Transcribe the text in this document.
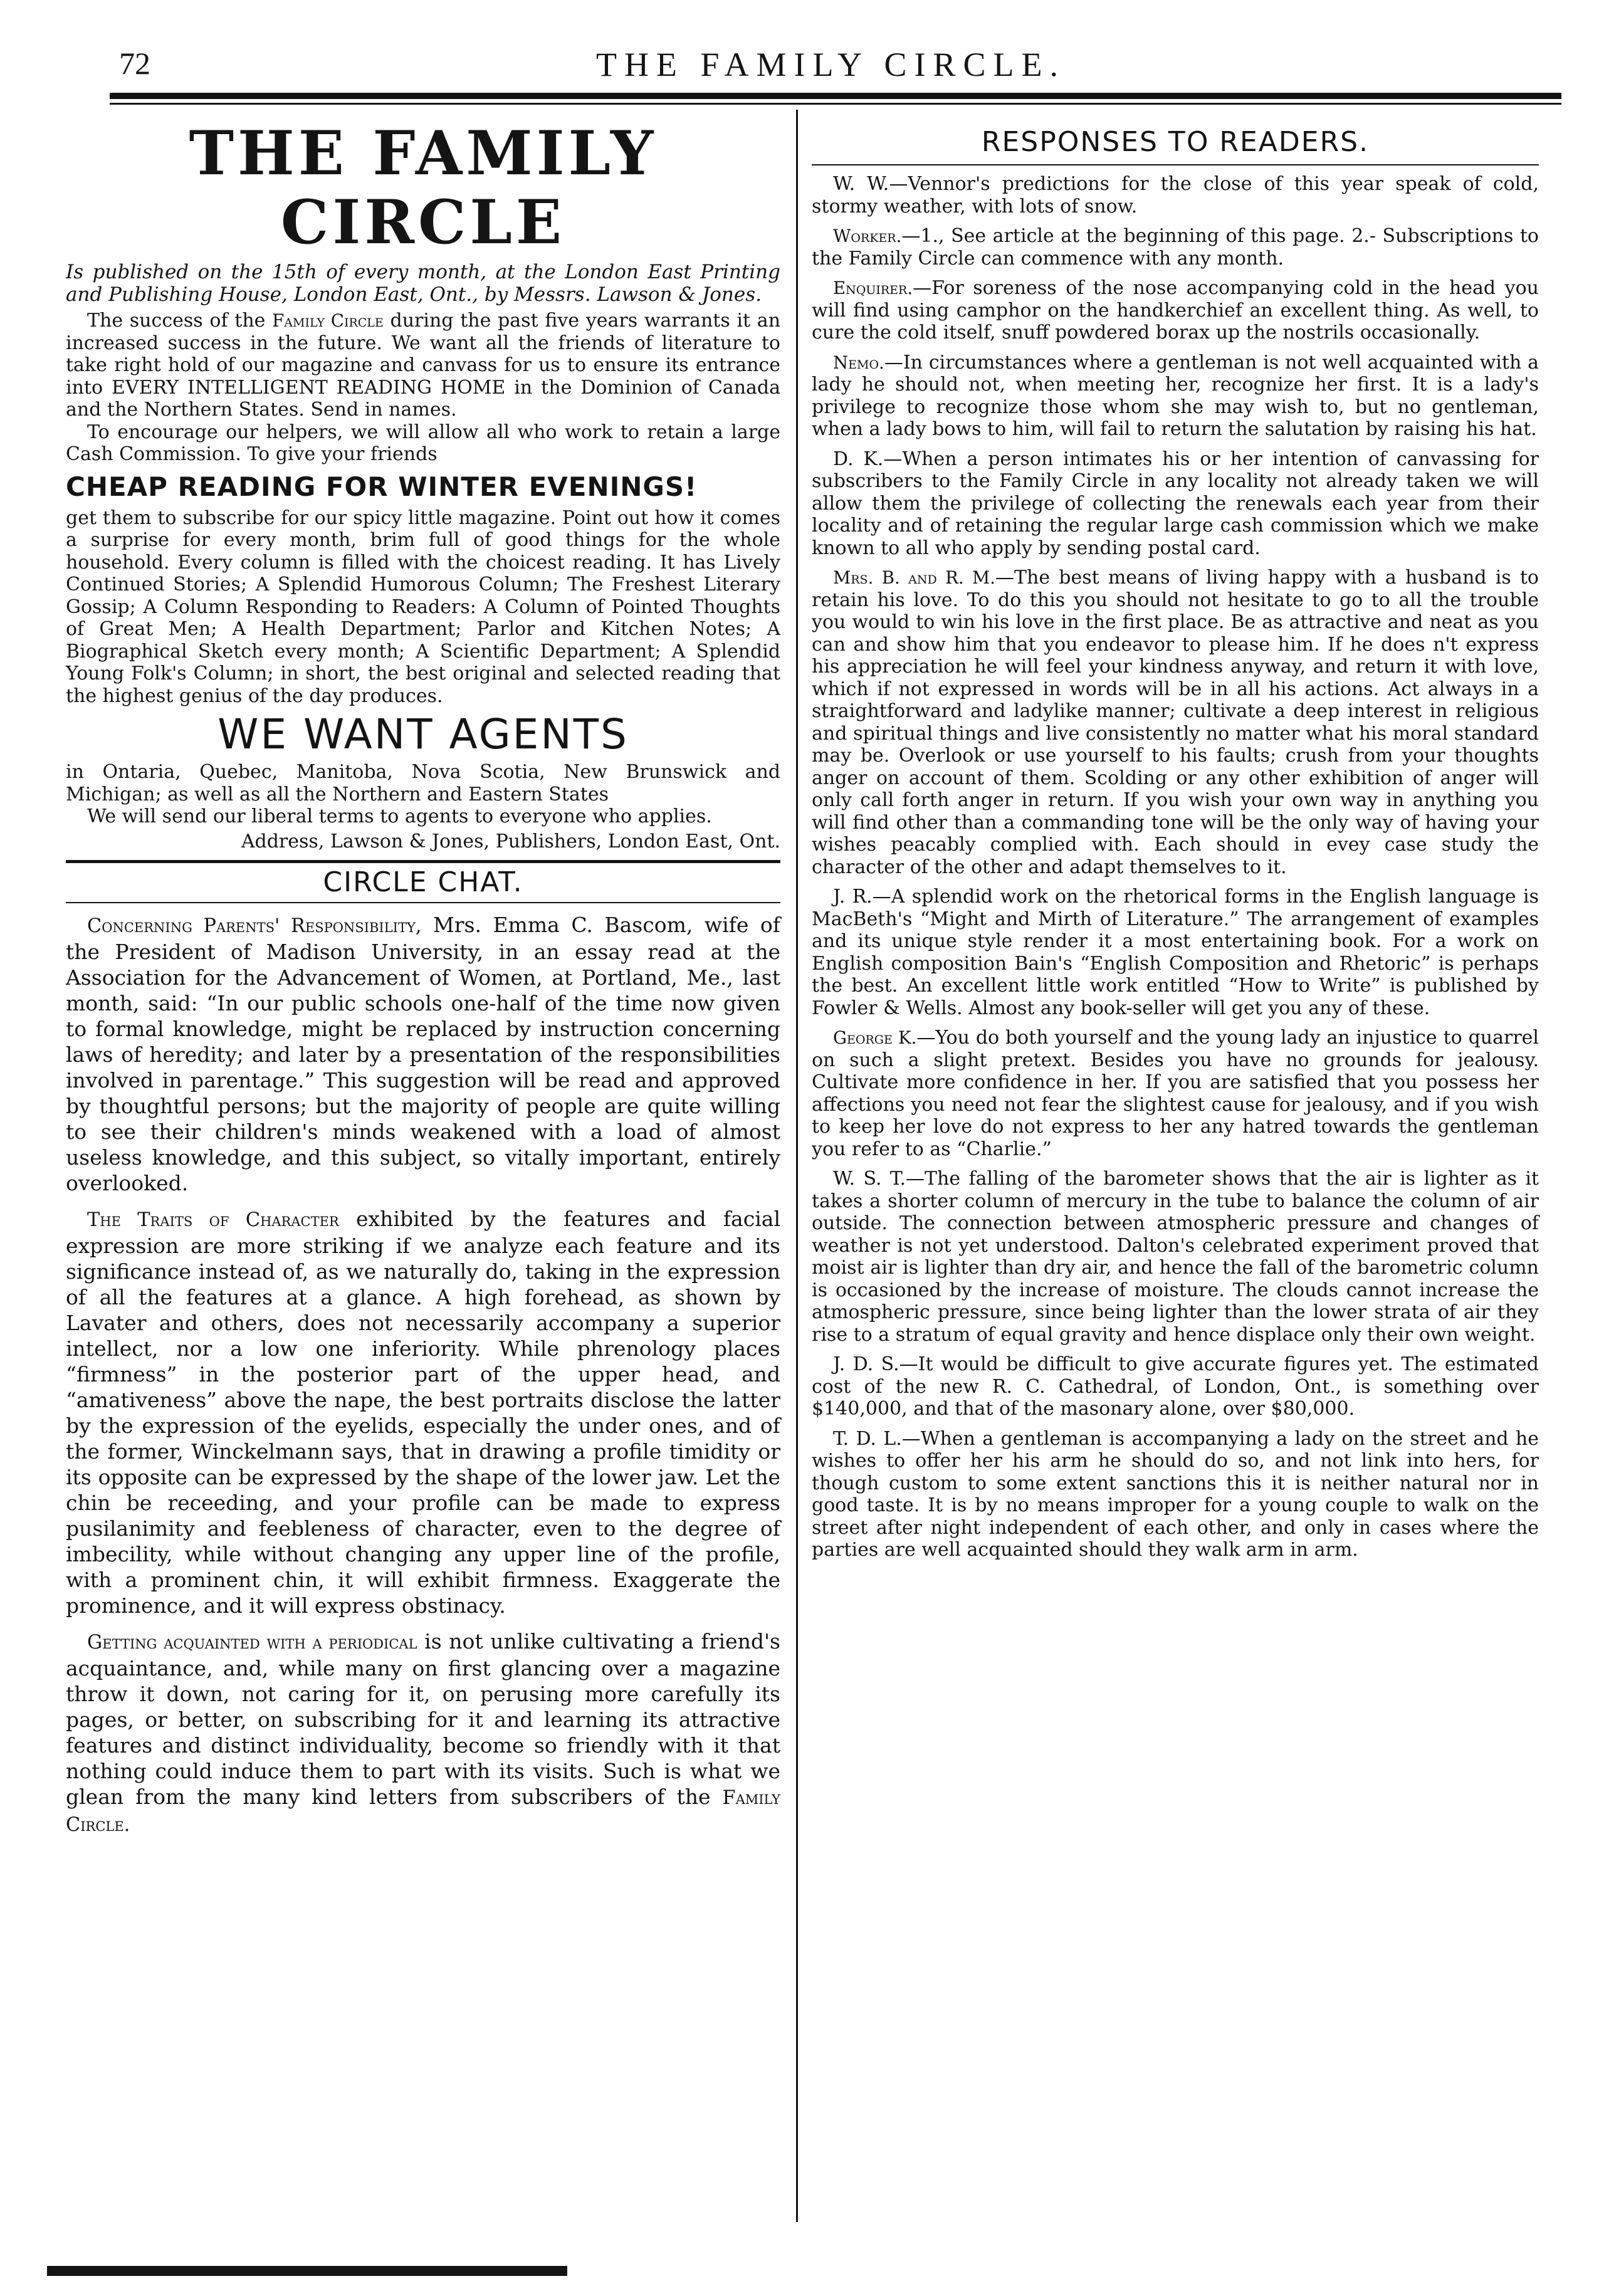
72	THE FAMILY CIRCLE.
THE FAMILY CIRCLE

Is published on the 15th of every month, at the London East Printing and Publishing House, London East, Ont., by Messrs. Lawson & Jones.

The success of the Family Circle during the past five years warrants it an increased success in the future. We want all the friends of literature to take right hold of our magazine and canvass for us to ensure its entrance into EVERY INTELLIGENT READING HOME in the Dominion of Canada and the Northern States. Send in names.

To encourage our helpers, we will allow all who work to retain a large Cash Commission. To give your friends

CHEAP READING FOR WINTER EVENINGS!

get them to subscribe for our spicy little magazine. Point out how it comes a surprise for every month, brim full of good things for the whole household. Every column is filled with the choicest reading. It has Lively Continued Stories; A Splendid Humorous Column; The Freshest Literary Gossip; A Column Responding to Readers: A Column of Pointed Thoughts of Great Men; A Health Department; Parlor and Kitchen Notes; A Biographical Sketch every month; A Scientific Department; A Splendid Young Folk's Column; in short, the best original and selected reading that the highest genius of the day produces.

WE WANT AGENTS

in Ontaria, Quebec, Manitoba, Nova Scotia, New Brunswick and Michigan; as well as all the Northern and Eastern States

We will send our liberal terms to agents to everyone who applies.

Address, Lawson & Jones, Publishers, London East, Ont.

CIRCLE CHAT.

Concerning Parents' Responsibility, Mrs. Emma C. Bascom, wife of the President of Madison University, in an essay read at the Association for the Advancement of Women, at Portland, Me., last month, said: “In our public schools one-half of the time now given to formal knowledge, might be replaced by instruction concerning laws of heredity; and later by a presentation of the responsibilities involved in parentage.” This suggestion will be read and approved by thoughtful persons; but the majority of people are quite willing to see their children's minds weakened with a load of almost useless knowledge, and this subject, so vitally important, entirely overlooked.

The Traits of Character exhibited by the features and facial expression are more striking if we analyze each feature and its significance instead of, as we naturally do, taking in the expression of all the features at a glance. A high forehead, as shown by Lavater and others, does not necessarily accompany a superior intellect, nor a low one inferiority. While phrenology places “firmness” in the posterior part of the upper head, and “amativeness” above the nape, the best portraits disclose the latter by the expression of the eyelids, especially the under ones, and of the former, Winckelmann says, that in drawing a profile timidity or its opposite can be expressed by the shape of the lower jaw. Let the chin be receeding, and your profile can be made to express pusilanimity and feebleness of character, even to the degree of imbecility, while without changing any upper line of the profile, with a prominent chin, it will exhibit firmness. Exaggerate the prominence, and it will express obstinacy.

Getting acquainted with a periodical is not unlike cultivating a friend's acquaintance, and, while many on first glancing over a magazine throw it down, not caring for it, on perusing more carefully its pages, or better, on subscribing for it and learning its attractive features and distinct individuality, become so friendly with it that nothing could induce them to part with its visits. Such is what we glean from the many kind letters from subscribers of the Family Circle.

RESPONSES TO READERS.

W. W.—Vennor's predictions for the close of this year speak of cold, stormy weather, with lots of snow.

Worker.—1., See article at the beginning of this page. 2.- Subscriptions to the Family Circle can commence with any month.

Enquirer.—For soreness of the nose accompanying cold in the head you will find using camphor on the handkerchief an excellent thing. As well, to cure the cold itself, snuff powdered borax up the nostrils occasionally.

Nemo.—In circumstances where a gentleman is not well acquainted with a lady he should not, when meeting her, recognize her first. It is a lady's privilege to recognize those whom she may wish to, but no gentleman, when a lady bows to him, will fail to return the salutation by raising his hat.

D. K.—When a person intimates his or her intention of canvassing for subscribers to the Family Circle in any locality not already taken we will allow them the privilege of collecting the renewals each year from their locality and of retaining the regular large cash commission which we make known to all who apply by sending postal card.

Mrs. B. and R. M.—The best means of living happy with a husband is to retain his love. To do this you should not hesitate to go to all the trouble you would to win his love in the first place. Be as attractive and neat as you can and show him that you endeavor to please him. If he does n't express his appreciation he will feel your kindness anyway, and return it with love, which if not expressed in words will be in all his actions. Act always in a straightforward and ladylike manner; cultivate a deep interest in religious and spiritual things and live consistently no matter what his moral standard may be. Overlook or use yourself to his faults; crush from your thoughts anger on account of them. Scolding or any other exhibition of anger will only call forth anger in return. If you wish your own way in anything you will find other than a commanding tone will be the only way of having your wishes peacably complied with. Each should in evey case study the character of the other and adapt themselves to it.

J. R.—A splendid work on the rhetorical forms in the English language is MacBeth's “Might and Mirth of Literature.” The arrangement of examples and its unique style render it a most entertaining book. For a work on English composition Bain's “English Composition and Rhetoric” is perhaps the best. An excellent little work entitled “How to Write” is published by Fowler & Wells. Almost any book-seller will get you any of these.

George K.—You do both yourself and the young lady an injustice to quarrel on such a slight pretext. Besides you have no grounds for jealousy. Cultivate more confidence in her. If you are satisfied that you possess her affections you need not fear the slightest cause for jealousy, and if you wish to keep her love do not express to her any hatred towards the gentleman you refer to as “Charlie.”

W. S. T.—The falling of the barometer shows that the air is lighter as it takes a shorter column of mercury in the tube to balance the column of air outside. The connection between atmospheric pressure and changes of weather is not yet understood. Dalton's celebrated experiment proved that moist air is lighter than dry air, and hence the fall of the barometric column is occasioned by the increase of moisture. The clouds cannot increase the atmospheric pressure, since being lighter than the lower strata of air they rise to a stratum of equal gravity and hence displace only their own weight.

J. D. S.—It would be difficult to give accurate figures yet. The estimated cost of the new R. C. Cathedral, of London, Ont., is something over $140,000, and that of the masonary alone, over $80,000.

T. D. L.—When a gentleman is accompanying a lady on the street and he wishes to offer her his arm he should do so, and not link into hers, for though custom to some extent sanctions this it is neither natural nor in good taste. It is by no means improper for a young couple to walk on the street after night independent of each other, and only in cases where the parties are well acquainted should they walk arm in arm.
